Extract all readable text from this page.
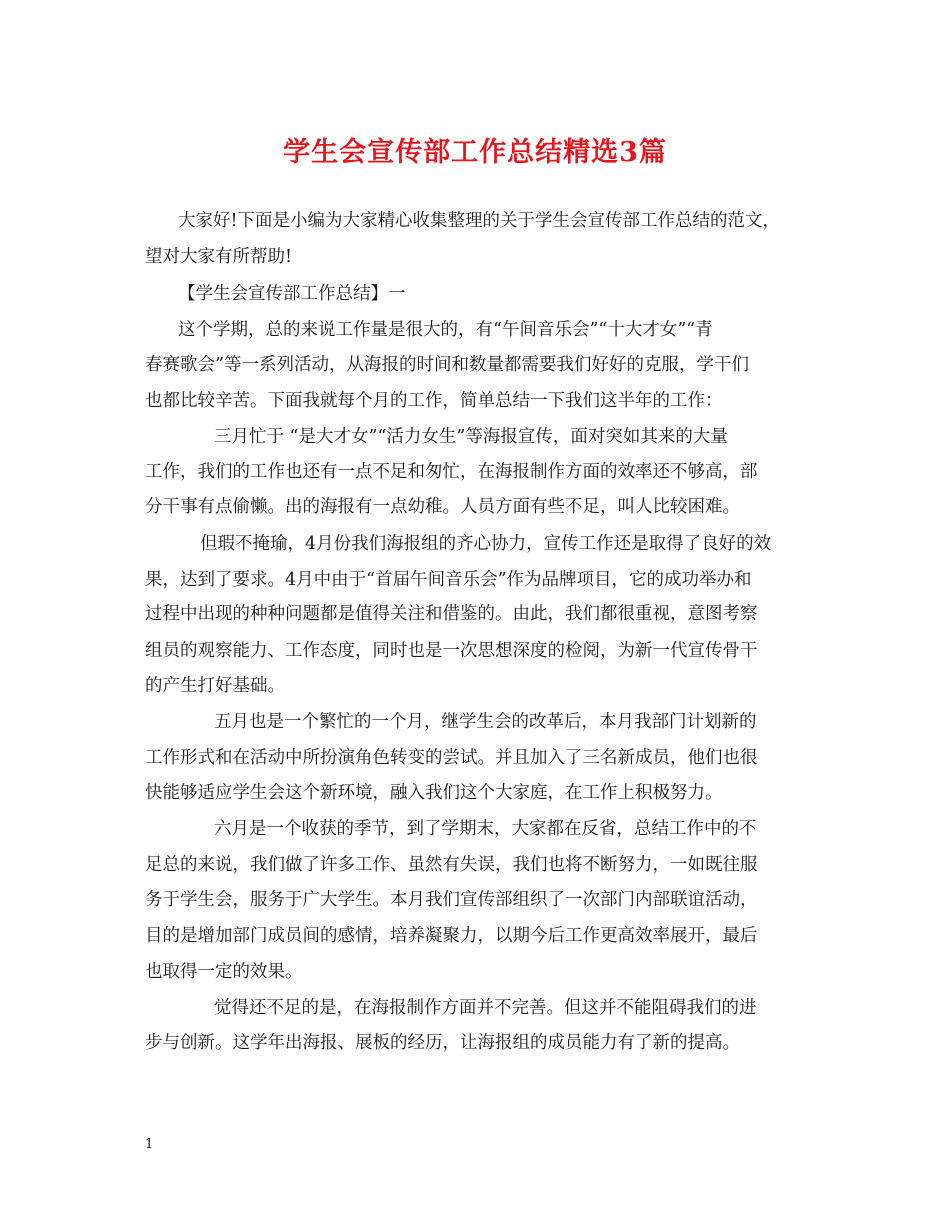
学生会宣传部工作总结精选3篇
大家好!下面是小编为大家精心收集整理的关于学生会宣传部工作总结的范文，
望对大家有所帮助!
【学生会宣传部工作总结】一
这个学期，总的来说工作量是很大的，有“午间音乐会”“十大才女”“青
春赛歌会”等一系列活动，从海报的时间和数量都需要我们好好的克服，学干们
也都比较辛苦。下面我就每个月的工作，简单总结一下我们这半年的工作：
三月忙于 “是大才女”“活力女生”等海报宣传，面对突如其来的大量
工作，我们的工作也还有一点不足和匆忙，在海报制作方面的效率还不够高，部
分干事有点偷懒。出的海报有一点幼稚。人员方面有些不足，叫人比较困难。
但瑕不掩瑜，4月份我们海报组的齐心协力，宣传工作还是取得了良好的效
果，达到了要求。4月中由于“首届午间音乐会”作为品牌项目，它的成功举办和
过程中出现的种种问题都是值得关注和借鉴的。由此，我们都很重视，意图考察
组员的观察能力、工作态度，同时也是一次思想深度的检阅，为新一代宣传骨干
的产生打好基础。
五月也是一个繁忙的一个月，继学生会的改革后，本月我部门计划新的
工作形式和在活动中所扮演角色转变的尝试。并且加入了三名新成员，他们也很
快能够适应学生会这个新环境，融入我们这个大家庭，在工作上积极努力。
六月是一个收获的季节，到了学期末，大家都在反省，总结工作中的不
足总的来说，我们做了许多工作、虽然有失误，我们也将不断努力，一如既往服
务于学生会，服务于广大学生。本月我们宣传部组织了一次部门内部联谊活动，
目的是增加部门成员间的感情，培养凝聚力，以期今后工作更高效率展开，最后
也取得一定的效果。
觉得还不足的是，在海报制作方面并不完善。但这并不能阻碍我们的进
步与创新。这学年出海报、展板的经历，让海报组的成员能力有了新的提高。
1
